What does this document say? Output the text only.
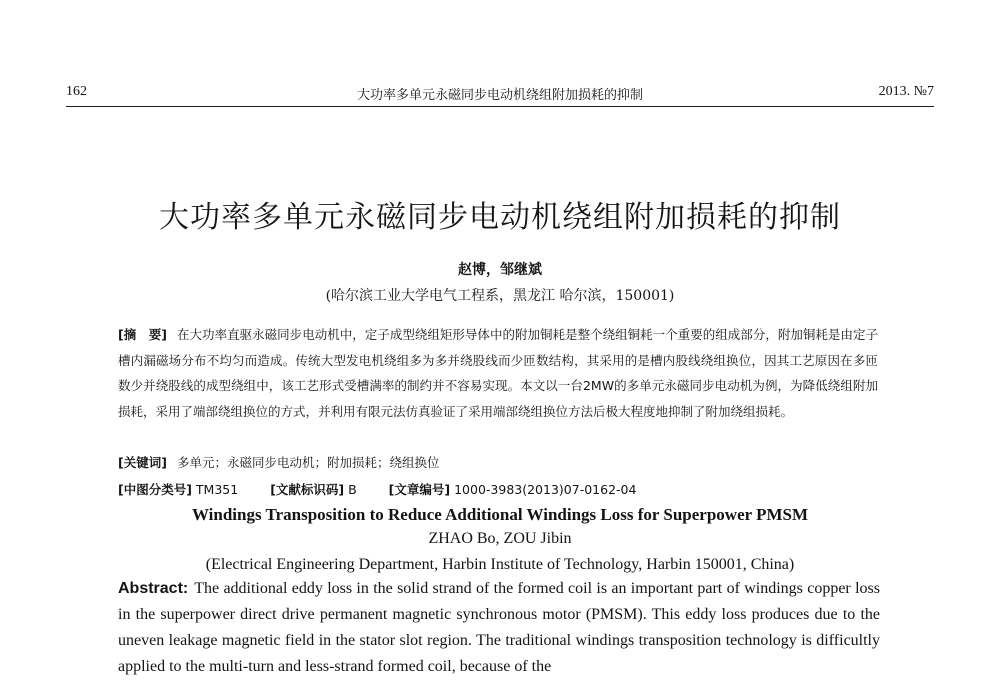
162	大功率多单元永磁同步电动机绕组附加损耗的抑制	2013. №7
大功率多单元永磁同步电动机绕组附加损耗的抑制
赵博，邹继斌
(哈尔滨工业大学电气工程系，黑龙江 哈尔滨，150001)
[摘　要] 在大功率直驱永磁同步电动机中，定子成型绕组矩形导体中的附加铜耗是整个绕组铜耗一个重要的组成部分，附加铜耗是由定子槽内漏磁场分布不均匀而造成。传统大型发电机绕组多为多并绕股线而少匝数结构，其采用的是槽内股线绕组换位，因其工艺原因在多匝数少并绕股线的成型绕组中，该工艺形式受槽满率的制约并不容易实现。本文以一台2MW的多单元永磁同步电动机为例，为降低绕组附加损耗，采用了端部绕组换位的方式，并利用有限元法仿真验证了采用端部绕组换位方法后极大程度地抑制了附加绕组损耗。
[关键词] 多单元；永磁同步电动机；附加损耗；绕组换位
[中图分类号] TM351	[文献标识码] B	[文章编号] 1000-3983(2013)07-0162-04
Windings Transposition to Reduce Additional Windings Loss for Superpower PMSM
ZHAO Bo, ZOU Jibin
(Electrical Engineering Department, Harbin Institute of Technology, Harbin 150001, China)
Abstract: The additional eddy loss in the solid strand of the formed coil is an important part of windings copper loss in the superpower direct drive permanent magnetic synchronous motor (PMSM). This eddy loss produces due to the uneven leakage magnetic field in the stator slot region. The traditional windings transposition technology is difficultly applied to the multi-turn and less-strand formed coil, because of the
